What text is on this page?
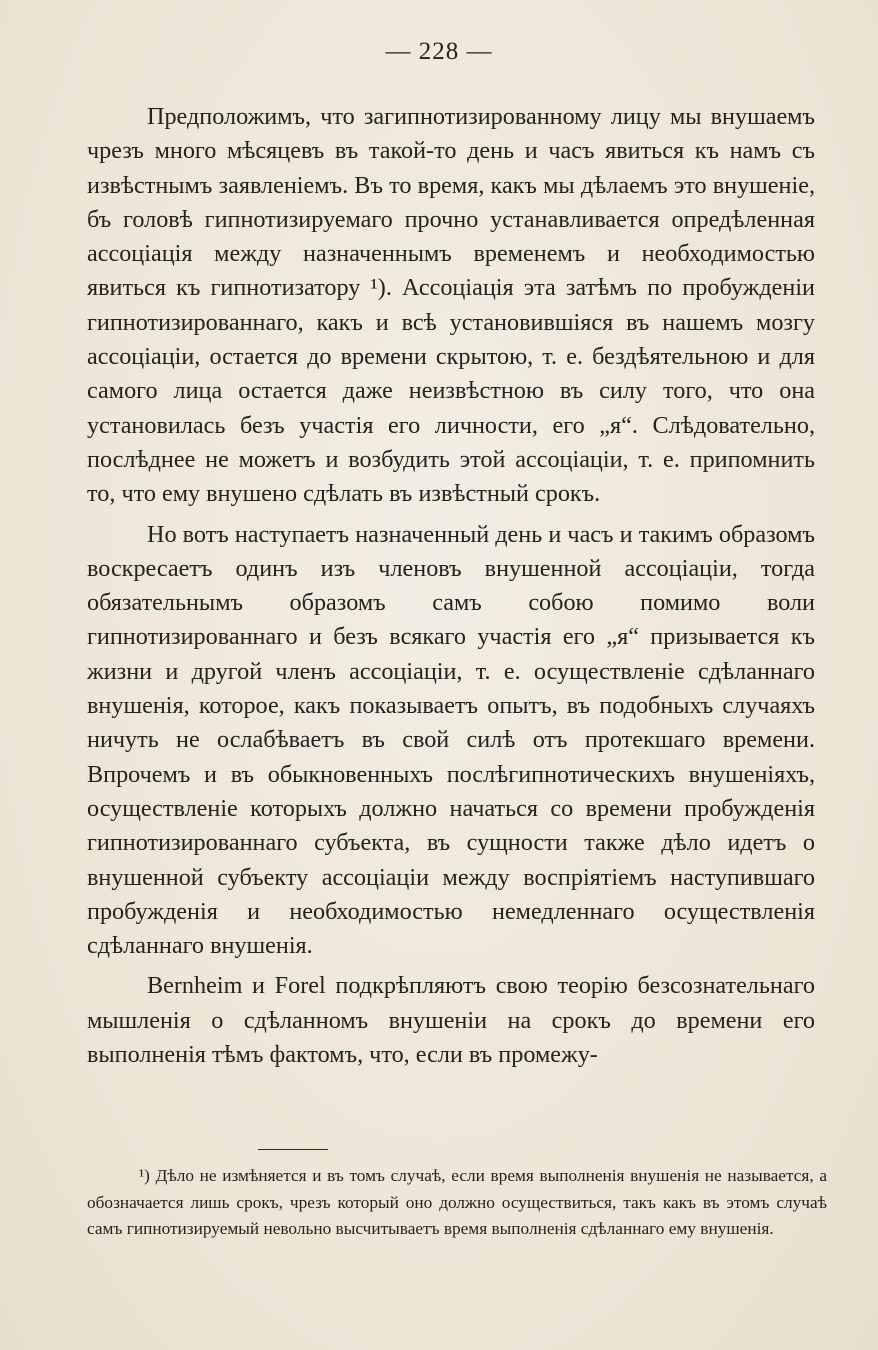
— 228 —

Предположимъ, что загипнотизированному лицу мы внушаемъ чрезъ много мѣсяцевъ въ такой-то день и часъ явиться къ намъ съ извѣстнымъ заявленіемъ. Въ то время, какъ мы дѣлаемъ это внушеніе, бъ головѣ гипнотизируемаго прочно устанавливается опредѣленная ассоціація между назначеннымъ временемъ и необходимостью явиться къ гипнотизатору ¹). Ассоціація эта затѣмъ по пробужденіи гипнотизированнаго, какъ и всѣ установившіяся въ нашемъ мозгу ассоціаціи, остается до времени скрытою, т. е. бездѣятельною и для самого лица остается даже неизвѣстною въ силу того, что она установилась безъ участія его личности, его „я“. Слѣдовательно, послѣднее не можетъ и возбудить этой ассоціаціи, т. е. припомнить то, что ему внушено сдѣлать въ извѣстный срокъ.

Но вотъ наступаетъ назначенный день и часъ и такимъ образомъ воскресаетъ одинъ изъ членовъ внушенной ассоціаціи, тогда обязательнымъ образомъ самъ собою помимо воли гипнотизированнаго и безъ всякаго участія его „я“ призывается къ жизни и другой членъ ассоціаціи, т. е. осуществленіе сдѣланнаго внушенія, которое, какъ показываетъ опытъ, въ подобныхъ случаяхъ ничуть не ослабѣваетъ въ свой силѣ отъ протекшаго времени. Впрочемъ и въ обыкновенныхъ послѣгипнотическихъ внушеніяхъ, осуществленіе которыхъ должно начаться со времени пробужденія гипнотизированнаго субъекта, въ сущности также дѣло идетъ о внушенной субъекту ассоціаціи между воспріятіемъ наступившаго пробужденія и необходимостью немедленнаго осуществленія сдѣланнаго внушенія.

Bernheim и Forel подкрѣпляютъ свою теорію безсознательнаго мышленія о сдѣланномъ внушеніи на срокъ до времени его выполненія тѣмъ фактомъ, что, если въ промежу-

¹) Дѣло не измѣняется и въ томъ случаѣ, если время выполненія внушенія не называется, а обозначается лишь срокъ, чрезъ который оно должно осуществиться, такъ какъ въ этомъ случаѣ самъ гипнотизируемый невольно высчитываетъ время выполненія сдѣланнаго ему внушенія.
